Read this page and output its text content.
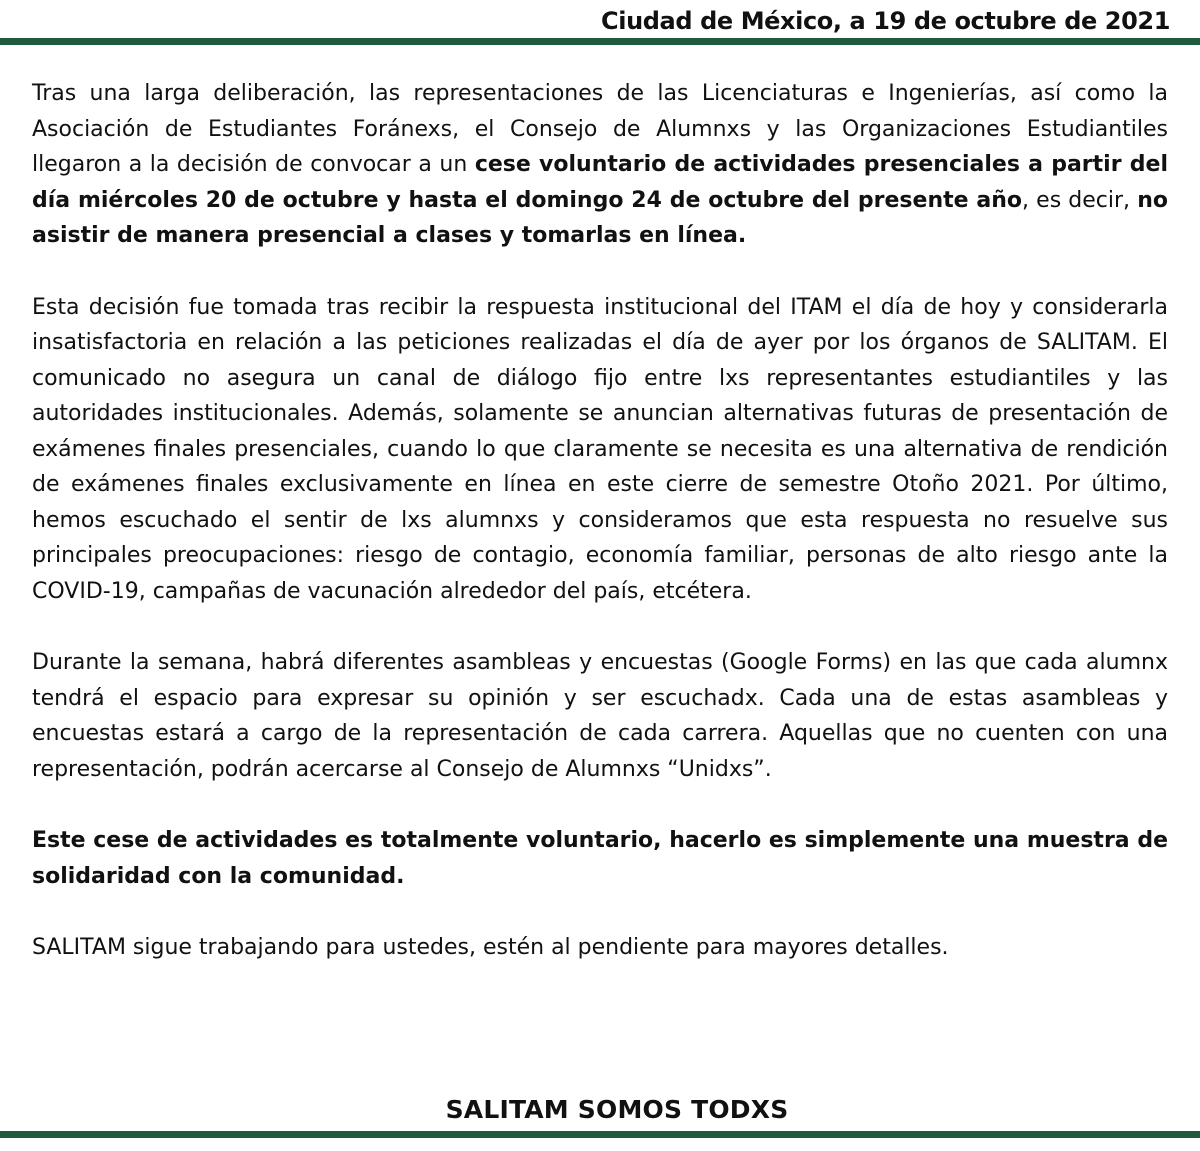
Ciudad de México, a 19 de octubre de 2021

Tras una larga deliberación, las representaciones de las Licenciaturas e Ingenierías, así como la Asociación de Estudiantes Foránexs, el Consejo de Alumnxs y las Organizaciones Estudiantiles llegaron a la decisión de convocar a un cese voluntario de actividades presenciales a partir del día miércoles 20 de octubre y hasta el domingo 24 de octubre del presente año, es decir, no asistir de manera presencial a clases y tomarlas en línea.

Esta decisión fue tomada tras recibir la respuesta institucional del ITAM el día de hoy y considerarla insatisfactoria en relación a las peticiones realizadas el día de ayer por los órganos de SALITAM. El comunicado no asegura un canal de diálogo fijo entre lxs representantes estudiantiles y las autoridades institucionales. Además, solamente se anuncian alternativas futuras de presentación de exámenes finales presenciales, cuando lo que claramente se necesita es una alternativa de rendición de exámenes finales exclusivamente en línea en este cierre de semestre Otoño 2021. Por último, hemos escuchado el sentir de lxs alumnxs y consideramos que esta respuesta no resuelve sus principales preocupaciones: riesgo de contagio, economía familiar, personas de alto riesgo ante la COVID-19, campañas de vacunación alrededor del país, etcétera.

Durante la semana, habrá diferentes asambleas y encuestas (Google Forms) en las que cada alumnx tendrá el espacio para expresar su opinión y ser escuchadx. Cada una de estas asambleas y encuestas estará a cargo de la representación de cada carrera. Aquellas que no cuenten con una representación, podrán acercarse al Consejo de Alumnxs “Unidxs”.

Este cese de actividades es totalmente voluntario, hacerlo es simplemente una muestra de solidaridad con la comunidad.

SALITAM sigue trabajando para ustedes, estén al pendiente para mayores detalles.

SALITAM SOMOS TODXS
